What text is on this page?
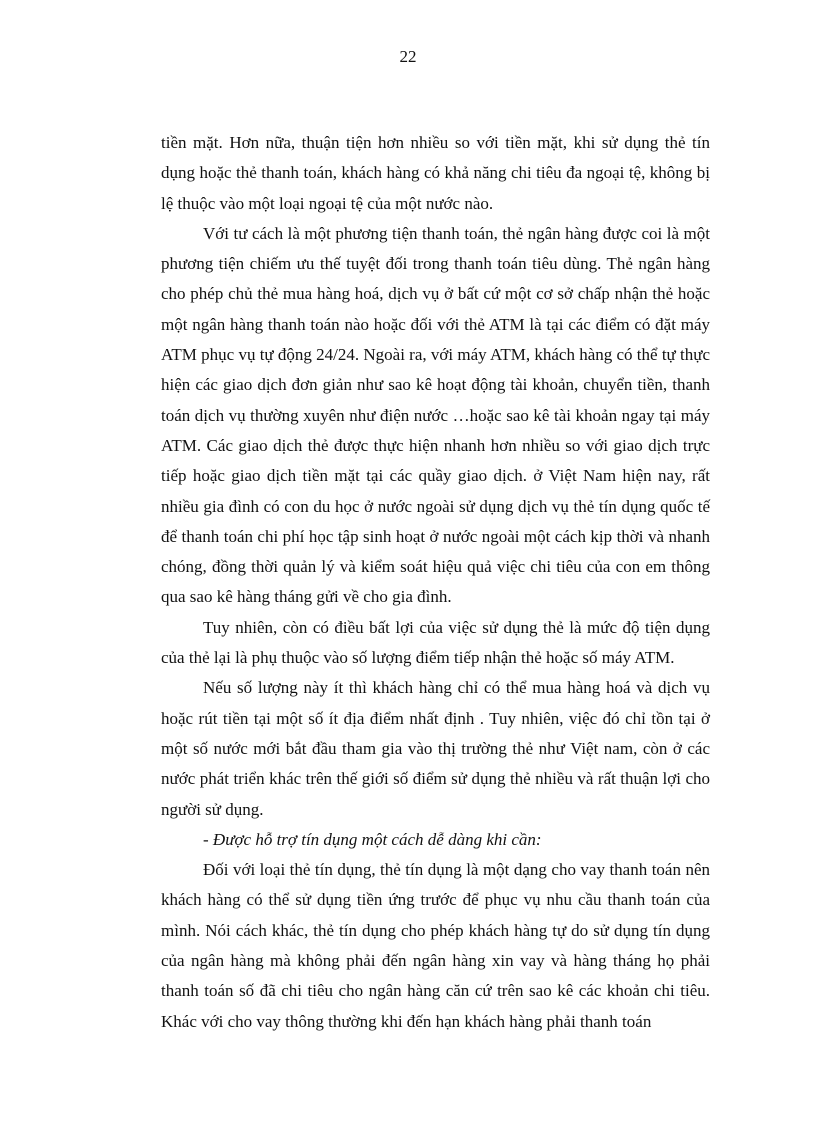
22

tiền mặt. Hơn nữa, thuận tiện hơn nhiều so với tiền mặt, khi sử dụng thẻ tín dụng hoặc thẻ thanh toán, khách hàng có khả năng chi tiêu đa ngoại tệ, không bị lệ thuộc vào một loại ngoại tệ của một nước nào.

Với tư cách là một phương tiện thanh toán, thẻ ngân hàng được coi là một phương tiện chiếm ưu thế tuyệt đối trong thanh toán tiêu dùng. Thẻ ngân hàng cho phép chủ thẻ mua hàng hoá, dịch vụ ở bất cứ một cơ sở chấp nhận thẻ hoặc một ngân hàng thanh toán nào hoặc đối với thẻ ATM là tại các điểm có đặt máy ATM phục vụ tự động 24/24. Ngoài ra, với máy ATM, khách hàng có thể tự thực hiện các giao dịch đơn giản như sao kê hoạt động tài khoản, chuyển tiền, thanh toán dịch vụ thường xuyên như điện nước …hoặc sao kê tài khoản ngay tại máy ATM. Các giao dịch thẻ được thực hiện nhanh hơn nhiều so với giao dịch trực tiếp hoặc giao dịch tiền mặt tại các quầy giao dịch. ở Việt Nam hiện nay, rất nhiều gia đình có con du học ở nước ngoài sử dụng dịch vụ thẻ tín dụng quốc tế để thanh toán chi phí học tập sinh hoạt ở nước ngoài một cách kịp thời và nhanh chóng, đồng thời quản lý và kiểm soát hiệu quả việc chi tiêu của con em thông qua sao kê hàng tháng gửi về cho gia đình.

Tuy nhiên, còn có điều bất lợi của việc sử dụng thẻ là mức độ tiện dụng của thẻ lại là phụ thuộc vào số lượng điểm tiếp nhận thẻ hoặc số máy ATM.

Nếu số lượng này ít thì khách hàng chỉ có thể mua hàng hoá và dịch vụ hoặc rút tiền tại một số ít địa điểm nhất định . Tuy nhiên, việc đó chỉ tồn tại ở một số nước mới bắt đầu tham gia vào thị trường thẻ như Việt nam, còn ở các nước phát triển khác trên thế giới số điểm sử dụng thẻ nhiều và rất thuận lợi cho người sử dụng.

- Được hỗ trợ tín dụng một cách dễ dàng khi cần:

Đối với loại thẻ tín dụng, thẻ tín dụng là một dạng cho vay thanh toán nên khách hàng có thể sử dụng tiền ứng trước để phục vụ nhu cầu thanh toán của mình. Nói cách khác, thẻ tín dụng cho phép khách hàng tự do sử dụng tín dụng của ngân hàng mà không phải đến ngân hàng xin vay và hàng tháng họ phải thanh toán số đã chi tiêu cho ngân hàng căn cứ trên sao kê các khoản chi tiêu. Khác với cho vay thông thường khi đến hạn khách hàng phải thanh toán
